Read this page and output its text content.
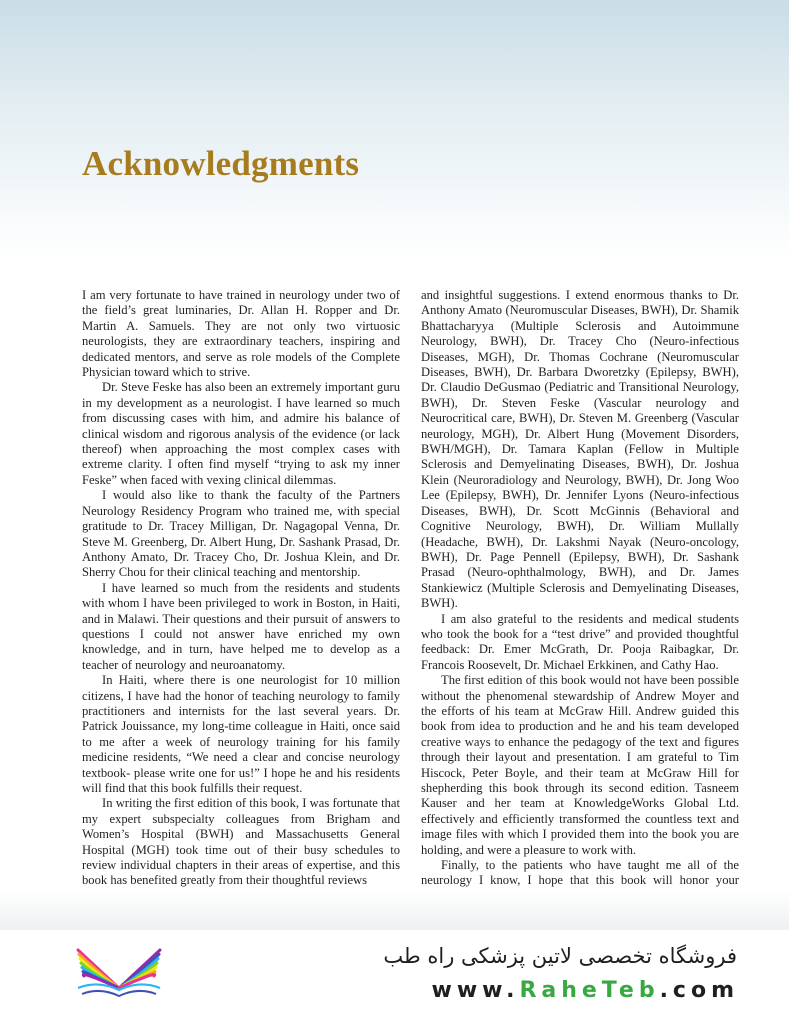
Acknowledgments

I am very fortunate to have trained in neurology under two of the field’s great luminaries, Dr. Allan H. Ropper and Dr. Martin A. Samuels. They are not only two virtuosic neurologists, they are extraordinary teachers, inspiring and dedicated mentors, and serve as role models of the Complete Physician toward which to strive.

Dr. Steve Feske has also been an extremely important guru in my development as a neurologist. I have learned so much from discussing cases with him, and admire his balance of clinical wisdom and rigorous analysis of the evidence (or lack thereof) when approaching the most complex cases with extreme clarity. I often find myself “trying to ask my inner Feske” when faced with vexing clinical dilemmas.

I would also like to thank the faculty of the Partners Neurology Residency Program who trained me, with special gratitude to Dr. Tracey Milligan, Dr. Nagagopal Venna, Dr. Steve M. Greenberg, Dr. Albert Hung, Dr. Sashank Prasad, Dr. Anthony Amato, Dr. Tracey Cho, Dr. Joshua Klein, and Dr. Sherry Chou for their clinical teaching and mentorship.

I have learned so much from the residents and students with whom I have been privileged to work in Boston, in Haiti, and in Malawi. Their questions and their pursuit of answers to questions I could not answer have enriched my own knowledge, and in turn, have helped me to develop as a teacher of neurology and neuroanatomy.

In Haiti, where there is one neurologist for 10 million citizens, I have had the honor of teaching neurology to family practitioners and internists for the last several years. Dr. Patrick Jouissance, my long-time colleague in Haiti, once said to me after a week of neurology training for his family medicine residents, “We need a clear and concise neurology textbook- please write one for us!” I hope he and his residents will find that this book fulfills their request.

In writing the first edition of this book, I was fortunate that my expert subspecialty colleagues from Brigham and Women’s Hospital (BWH) and Massachusetts General Hospital (MGH) took time out of their busy schedules to review individual chapters in their areas of expertise, and this book has benefited greatly from their thoughtful reviews

and insightful suggestions. I extend enormous thanks to Dr. Anthony Amato (Neuromuscular Diseases, BWH), Dr. Shamik Bhattacharyya (Multiple Sclerosis and Autoimmune Neurology, BWH), Dr. Tracey Cho (Neuro-infectious Diseases, MGH), Dr. Thomas Cochrane (Neuromuscular Diseases, BWH), Dr. Barbara Dworetzky (Epilepsy, BWH), Dr. Claudio DeGusmao (Pediatric and Transitional Neurology, BWH), Dr. Steven Feske (Vascular neurology and Neurocritical care, BWH), Dr. Steven M. Greenberg (Vascular neurology, MGH), Dr. Albert Hung (Movement Disorders, BWH/MGH), Dr. Tamara Kaplan (Fellow in Multiple Sclerosis and Demyelinating Diseases, BWH), Dr. Joshua Klein (Neuroradiology and Neurology, BWH), Dr. Jong Woo Lee (Epilepsy, BWH), Dr. Jennifer Lyons (Neuro-infectious Diseases, BWH), Dr. Scott McGinnis (Behavioral and Cognitive Neurology, BWH), Dr. William Mullally (Headache, BWH), Dr. Lakshmi Nayak (Neuro-oncology, BWH), Dr. Page Pennell (Epilepsy, BWH), Dr. Sashank Prasad (Neuro-ophthalmology, BWH), and Dr. James Stankiewicz (Multiple Sclerosis and Demyelinating Diseases, BWH).

I am also grateful to the residents and medical students who took the book for a “test drive” and provided thoughtful feedback: Dr. Emer McGrath, Dr. Pooja Raibagkar, Dr. Francois Roosevelt, Dr. Michael Erkkinen, and Cathy Hao.

The first edition of this book would not have been possible without the phenomenal stewardship of Andrew Moyer and the efforts of his team at McGraw Hill. Andrew guided this book from idea to production and he and his team developed creative ways to enhance the pedagogy of the text and figures through their layout and presentation. I am grateful to Tim Hiscock, Peter Boyle, and their team at McGraw Hill for shepherding this book through its second edition. Tasneem Kauser and her team at KnowledgeWorks Global Ltd. effectively and efficiently transformed the countless text and image files with which I provided them into the book you are holding, and were a pleasure to work with.

Finally, to the patients who have taught me all of the neurology I know, I hope that this book will honor your

فروشگاه تخصصی لاتین پزشکی راه طب
www.RaheTeb.com
